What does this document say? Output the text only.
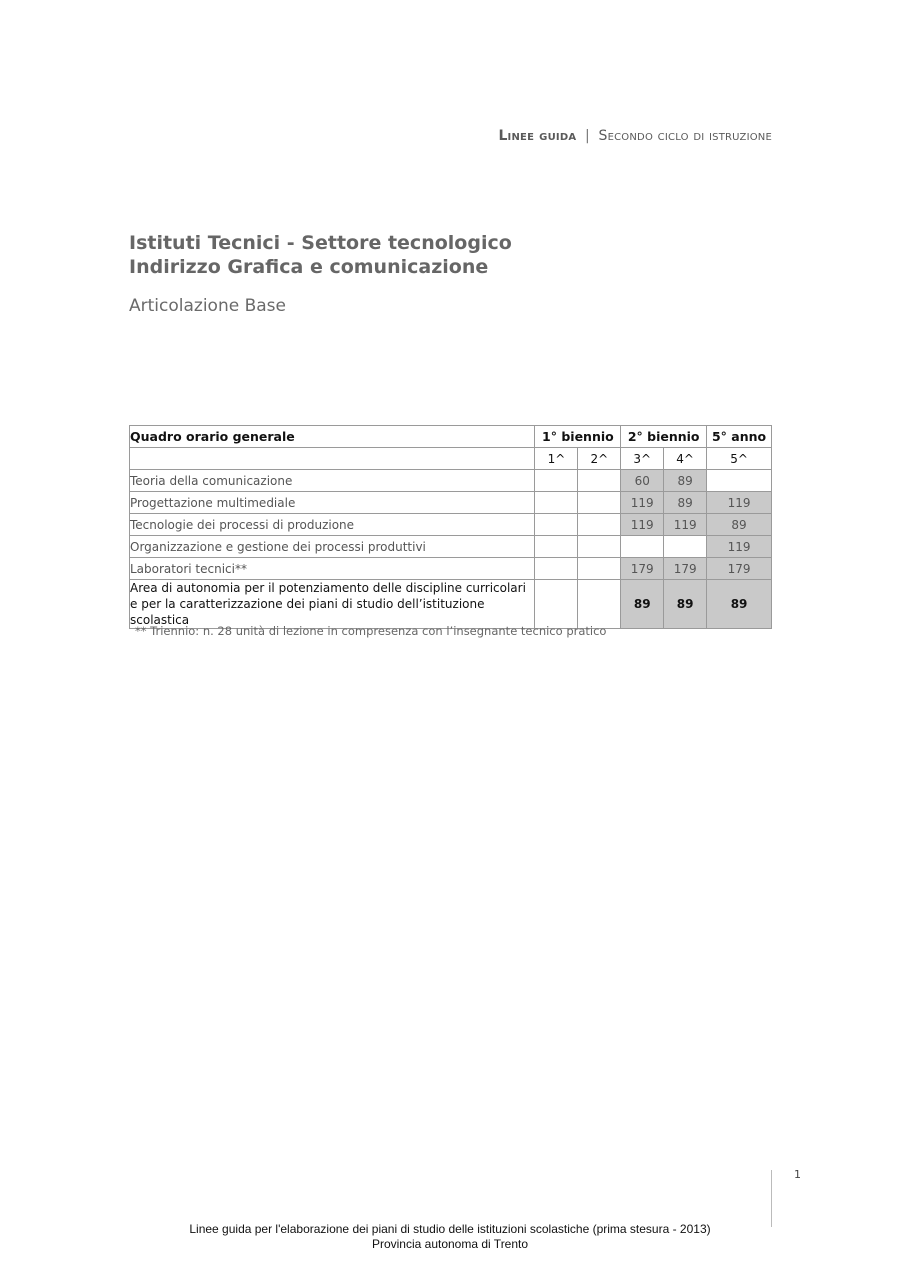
Linee guida | Secondo ciclo di istruzione
Istituti Tecnici - Settore tecnologico
Indirizzo Grafica e comunicazione
Articolazione Base
Quadro orario generale	1° biennio		2° biennio		5° anno
	1^	2^	3^	4^	5^
Teoria della comunicazione			60	89	
Progettazione multimediale			119	89	119
Tecnologie dei processi di produzione			119	119	89
Organizzazione e gestione dei processi produttivi					119
Laboratori tecnici**			179	179	179

Area di autonomia per il potenziamento delle discipline curricolari
e per la caratterizzazione dei piani di studio dell’istituzione scolastica			89	89	89
** Triennio: n. 28 unità di lezione in compresenza con l’insegnante tecnico pratico
1
Linee guida per l'elaborazione dei piani di studio delle istituzioni scolastiche (prima stesura - 2013)
Provincia autonoma di Trento
